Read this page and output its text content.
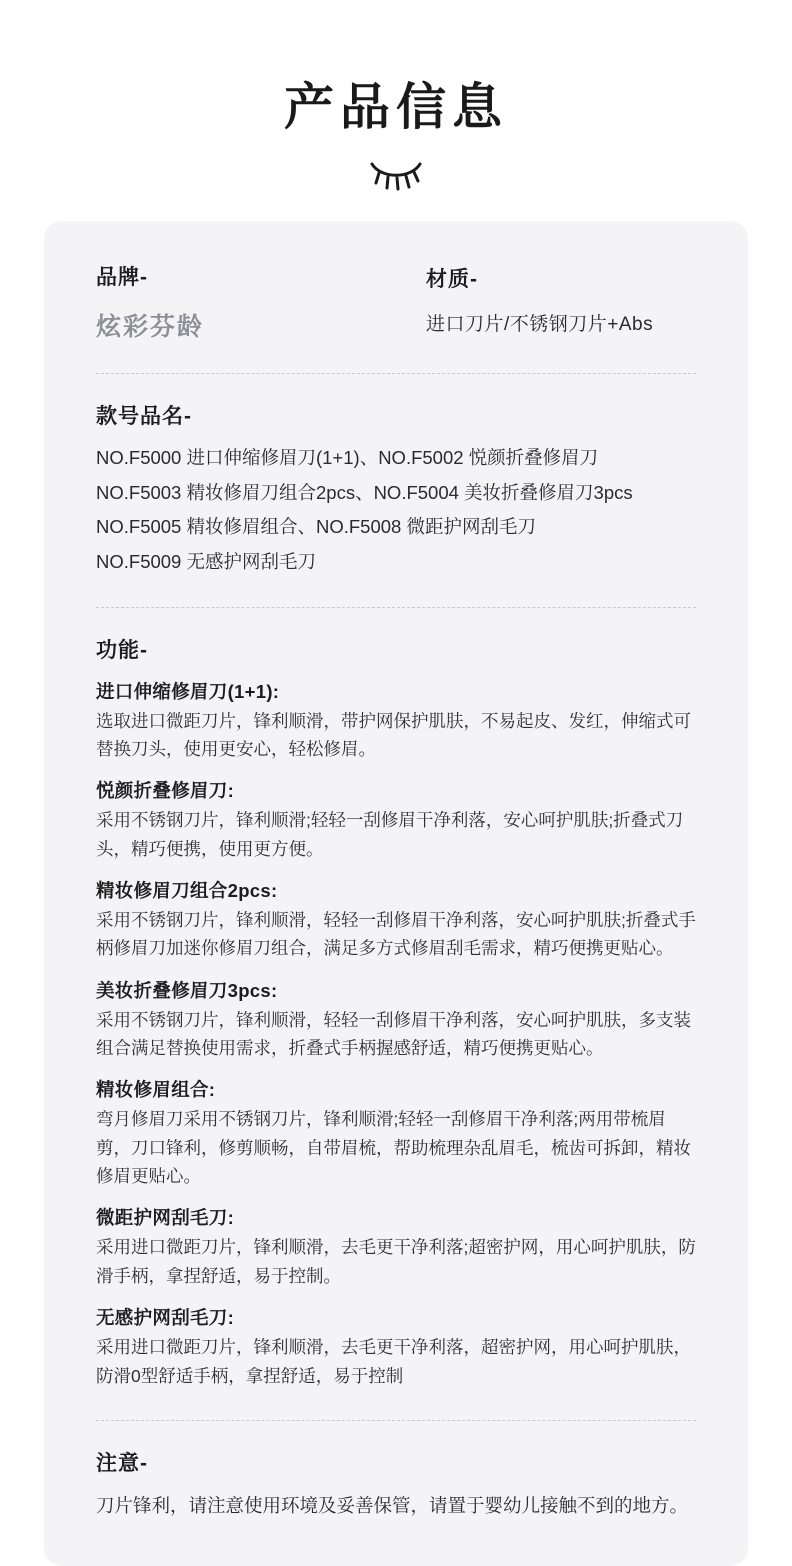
产品信息
品牌-
炫彩芬龄
材质-
进口刀片/不锈钢刀片+Abs
款号品名-

NO.F5000 进口伸缩修眉刀(1+1)、NO.F5002 悦颜折叠修眉刀

NO.F5003 精妆修眉刀组合2pcs、NO.F5004 美妆折叠修眉刀3pcs

NO.F5005 精妆修眉组合、NO.F5008 微距护网刮毛刀

NO.F5009 无感护网刮毛刀

功能-
进口伸缩修眉刀(1+1):
选取进口微距刀片，锋利顺滑，带护网保护肌肤，不易起皮、发红，伸缩式可替换刀头，使用更安心，轻松修眉。
悦颜折叠修眉刀:
采用不锈钢刀片，锋利顺滑;轻轻一刮修眉干净利落，安心呵护肌肤;折叠式刀头，精巧便携，使用更方便。
精妆修眉刀组合2pcs:
采用不锈钢刀片，锋利顺滑，轻轻一刮修眉干净利落，安心呵护肌肤;折叠式手柄修眉刀加迷你修眉刀组合，满足多方式修眉刮毛需求，精巧便携更贴心。
美妆折叠修眉刀3pcs:
采用不锈钢刀片，锋利顺滑，轻轻一刮修眉干净利落，安心呵护肌肤，多支装组合满足替换使用需求，折叠式手柄握感舒适，精巧便携更贴心。
精妆修眉组合:
弯月修眉刀采用不锈钢刀片，锋利顺滑;轻轻一刮修眉干净利落;两用带梳眉剪，刀口锋利，修剪顺畅，自带眉梳，帮助梳理杂乱眉毛，梳齿可拆卸，精妆修眉更贴心。
微距护网刮毛刀:
采用进口微距刀片，锋利顺滑，去毛更干净利落;超密护网，用心呵护肌肤，防滑手柄，拿捏舒适，易于控制。
无感护网刮毛刀:
采用进口微距刀片，锋利顺滑，去毛更干净利落，超密护网，用心呵护肌肤，防滑0型舒适手柄，拿捏舒适，易于控制
注意-
刀片锋利，请注意使用环境及妥善保管，请置于婴幼儿接触不到的地方。
